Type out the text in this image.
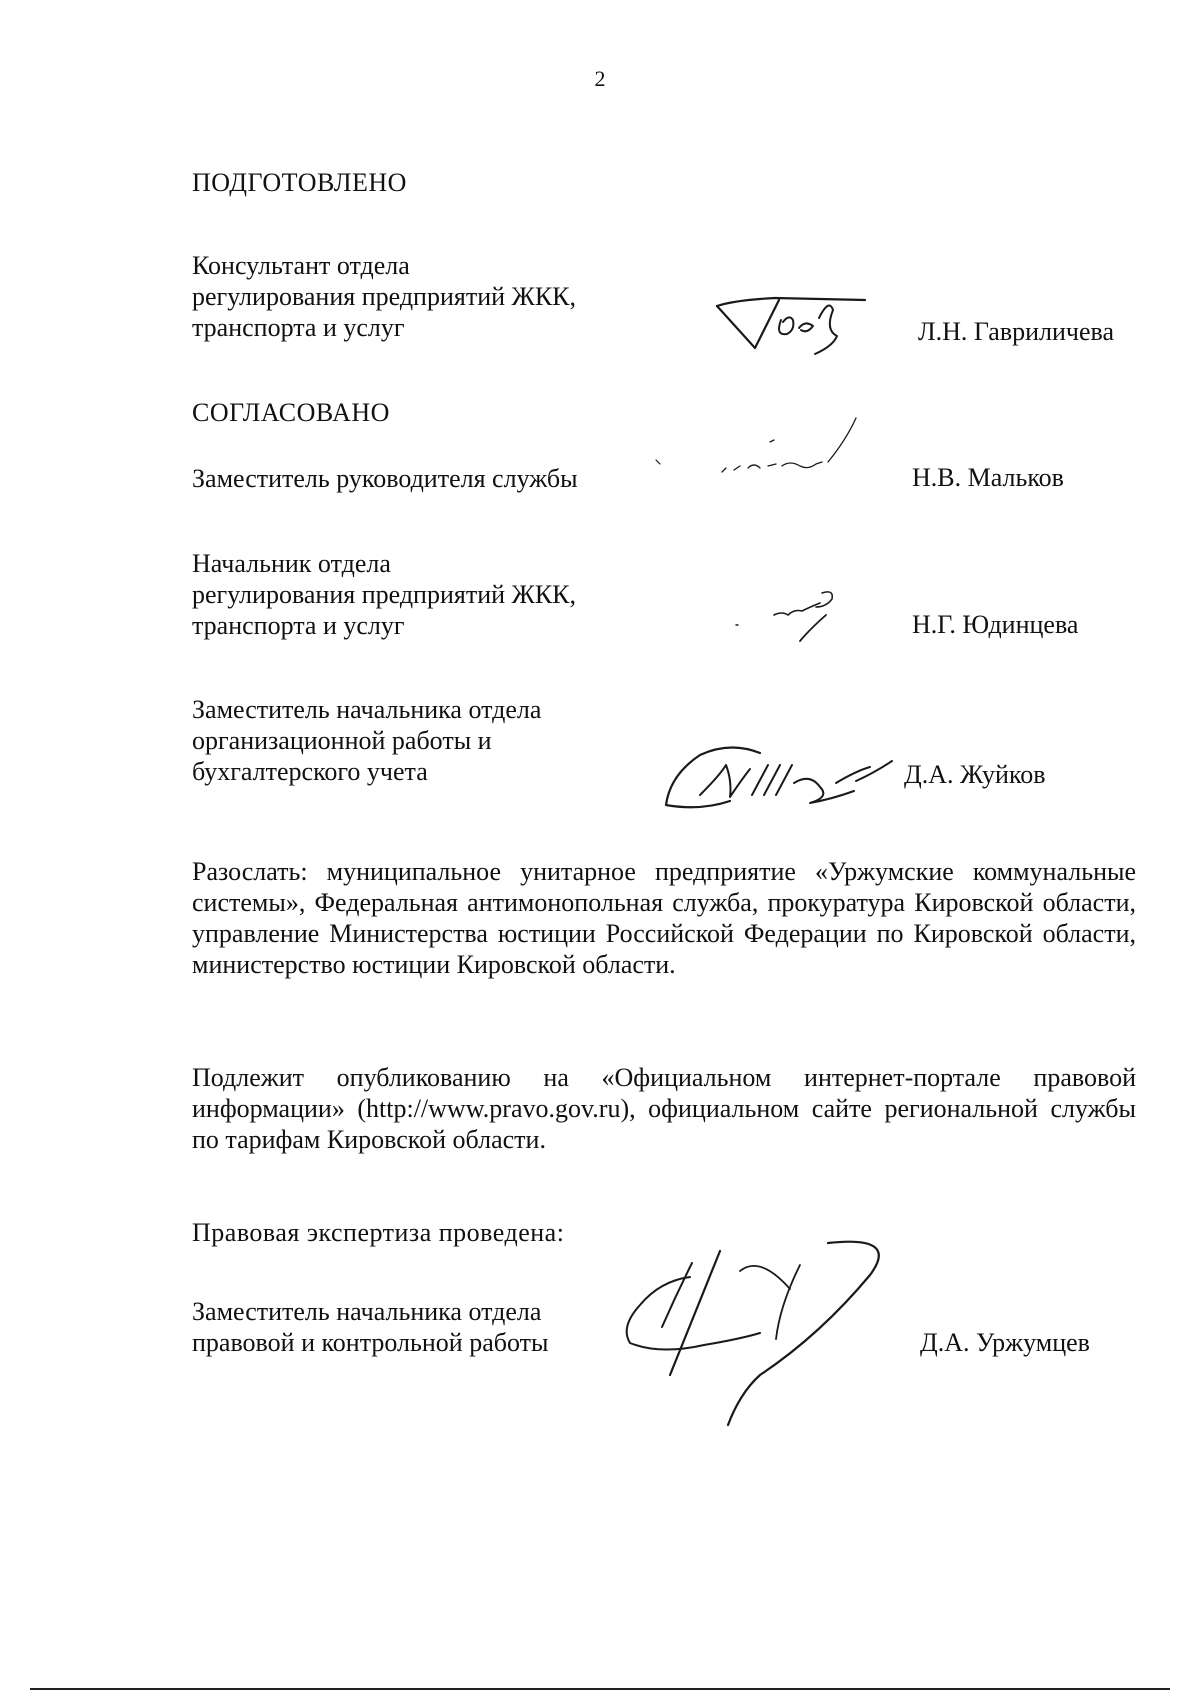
2
ПОДГОТОВЛЕНО
Консультант отдела
регулирования предприятий ЖКК,
транспорта и услуг	Л.Н. Гавриличева
СОГЛАСОВАНО
Заместитель руководителя службы	Н.В. Мальков
Начальник отдела
регулирования предприятий ЖКК,
транспорта и услуг	Н.Г. Юдинцева
Заместитель начальника отдела
организационной работы и
бухгалтерского учета	Д.А. Жуйков
Разослать: муниципальное унитарное предприятие «Уржумские коммунальные системы», Федеральная антимонопольная служба, прокуратура Кировской области, управление Министерства юстиции Российской Федерации по Кировской области, министерство юстиции Кировской области.
Подлежит опубликованию на «Официальном интернет-портале правовой информации» (http://www.pravo.gov.ru), официальном сайте региональной службы по тарифам Кировской области.
Правовая экспертиза проведена:
Заместитель начальника отдела
правовой и контрольной работы	Д.А. Уржумцев
